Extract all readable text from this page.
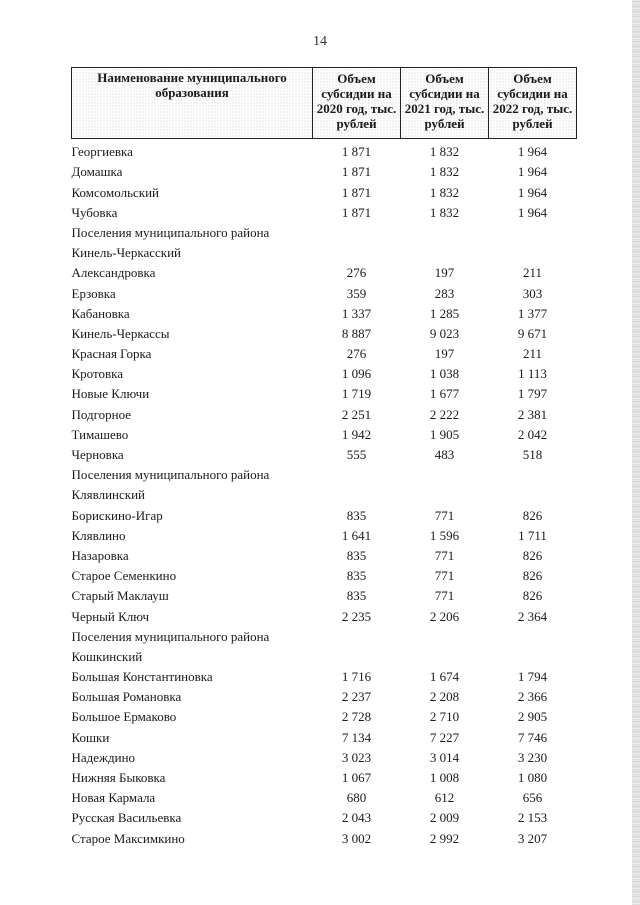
14
Наименование муниципального образования	Объем субсидии на 2020 год, тыс. рублей	Объем субсидии на 2021 год, тыс. рублей	Объем субсидии на 2022 год, тыс. рублей
Георгиевка	1 871	1 832	1 964
Домашка	1 871	1 832	1 964
Комсомольский	1 871	1 832	1 964
Чубовка	1 871	1 832	1 964
Поселения муниципального района			
Кинель-Черкасский			
Александровка	276	197	211
Ерзовка	359	283	303
Кабановка	1 337	1 285	1 377
Кинель-Черкассы	8 887	9 023	9 671
Красная Горка	276	197	211
Кротовка	1 096	1 038	1 113
Новые Ключи	1 719	1 677	1 797
Подгорное	2 251	2 222	2 381
Тимашево	1 942	1 905	2 042
Черновка	555	483	518
Поселения муниципального района			
Клявлинский			
Борискино-Игар	835	771	826
Клявлино	1 641	1 596	1 711
Назаровка	835	771	826
Старое Семенкино	835	771	826
Старый Маклауш	835	771	826
Черный Ключ	2 235	2 206	2 364
Поселения муниципального района			
Кошкинский			
Большая Константиновка	1 716	1 674	1 794
Большая Романовка	2 237	2 208	2 366
Большое Ермаково	2 728	2 710	2 905
Кошки	7 134	7 227	7 746
Надеждино	3 023	3 014	3 230
Нижняя Быковка	1 067	1 008	1 080
Новая Кармала	680	612	656
Русская Васильевка	2 043	2 009	2 153
Старое Максимкино	3 002	2 992	3 207
